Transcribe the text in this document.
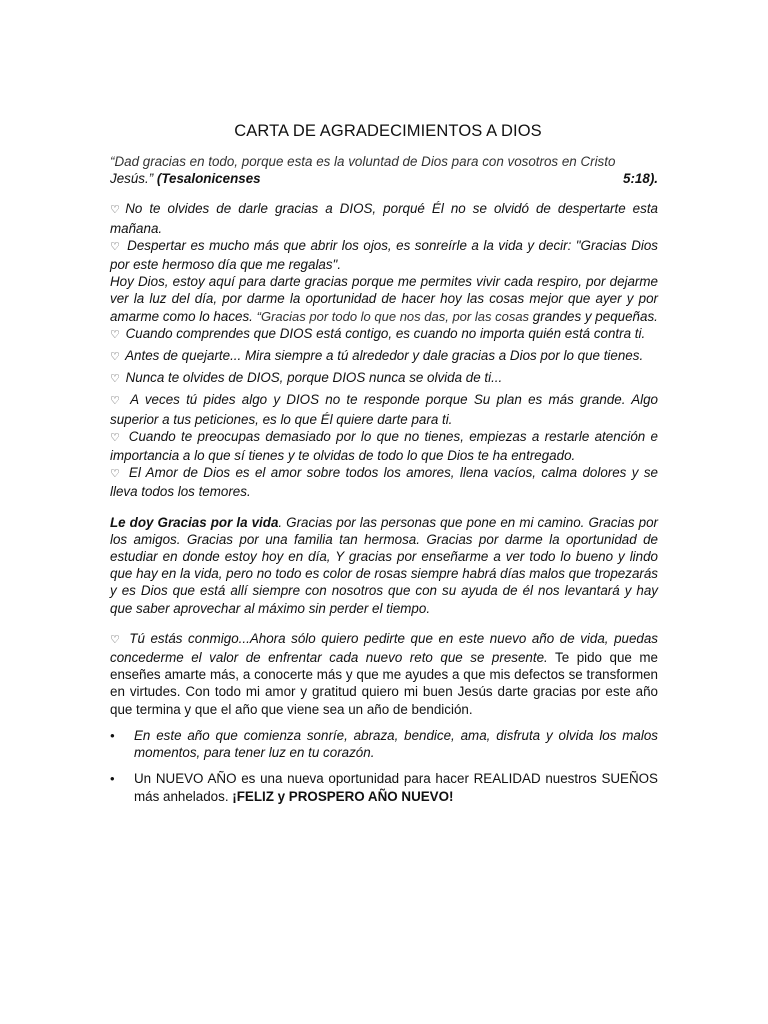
CARTA DE AGRADECIMIENTOS A DIOS

“Dad gracias en todo, porque esta es la voluntad de Dios para con vosotros en Cristo

Jesús.” (Tesalonicenses	5:18).

♡ No te olvides de darle gracias a DIOS, porqué Él no se olvidó de despertarte esta mañana.

♡ Despertar es mucho más que abrir los ojos, es sonreírle a la vida y decir: "Gracias Dios por este hermoso día que me regalas".

Hoy Dios, estoy aquí para darte gracias porque me permites vivir cada respiro, por dejarme ver la luz del día, por darme la oportunidad de hacer hoy las cosas mejor que ayer y por amarme como lo haces. “Gracias por todo lo que nos das, por las cosas grandes y pequeñas.

♡ Cuando comprendes que DIOS está contigo, es cuando no importa quién está contra ti.

♡ Antes de quejarte... Mira siempre a tú alrededor y dale gracias a Dios por lo que tienes.

♡ Nunca te olvides de DIOS, porque DIOS nunca se olvida de ti...

♡ A veces tú pides algo y DIOS no te responde porque Su plan es más grande. Algo superior a tus peticiones, es lo que Él quiere darte para ti.

♡ Cuando te preocupas demasiado por lo que no tienes, empiezas a restarle atención e importancia a lo que sí tienes y te olvidas de todo lo que Dios te ha entregado.

♡ El Amor de Dios es el amor sobre todos los amores, llena vacíos, calma dolores y se lleva todos los temores.

Le doy Gracias por la vida. Gracias por las personas que pone en mi camino. Gracias por los amigos. Gracias por una familia tan hermosa. Gracias por darme la oportunidad de estudiar en donde estoy hoy en día, Y gracias por enseñarme a ver todo lo bueno y lindo que hay en la vida, pero no todo es color de rosas siempre habrá días malos que tropezarás y es Dios que está allí siempre con nosotros que con su ayuda de él nos levantará y hay que saber aprovechar al máximo sin perder el tiempo.

♡ Tú estás conmigo...Ahora sólo quiero pedirte que en este nuevo año de vida, puedas concederme el valor de enfrentar cada nuevo reto que se presente. Te pido que me enseñes amarte más, a conocerte más y que me ayudes a que mis defectos se transformen en virtudes. Con todo mi amor y gratitud quiero mi buen Jesús darte gracias por este año que termina y que el año que viene sea un año de bendición.

• En este año que comienza sonríe, abraza, bendice, ama, disfruta y olvida los malos momentos, para tener luz en tu corazón.
• Un NUEVO AÑO es una nueva oportunidad para hacer REALIDAD nuestros SUEÑOS más anhelados. ¡FELIZ y PROSPERO AÑO NUEVO!
